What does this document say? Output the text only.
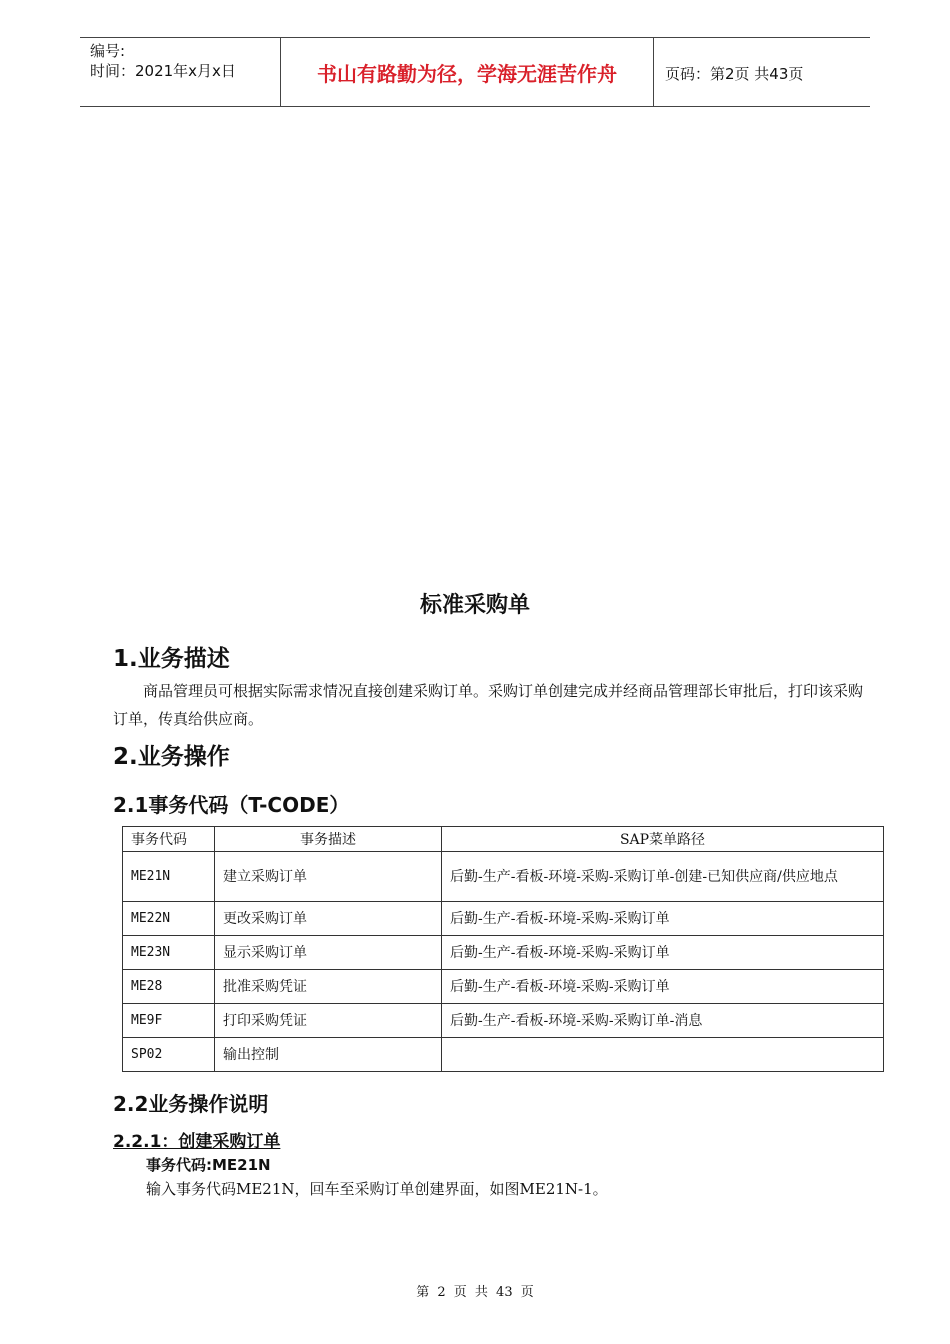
编号:
时间：2021年x月x日	书山有路勤为径，学海无涯苦作舟	页码：第2页 共43页
标准采购单
1.业务描述
商品管理员可根据实际需求情况直接创建采购订单。采购订单创建完成并经商品管理部长审批后，打印该采购订单，传真给供应商。
2.业务操作
2.1事务代码（T-CODE）
事务代码	事务描述	SAP菜单路径
ME21N	建立采购订单	后勤-生产-看板-环境-采购-采购订单-创建-已知供应商/供应地点
ME22N	更改采购订单	后勤-生产-看板-环境-采购-采购订单
ME23N	显示采购订单	后勤-生产-看板-环境-采购-采购订单
ME28	批准采购凭证	后勤-生产-看板-环境-采购-采购订单
ME9F	打印采购凭证	后勤-生产-看板-环境-采购-采购订单-消息
SP02	输出控制	
2.2业务操作说明
2.2.1：创建采购订单
事务代码:ME21N
输入事务代码ME21N，回车至采购订单创建界面，如图ME21N-1。
第 2 页 共 43 页
